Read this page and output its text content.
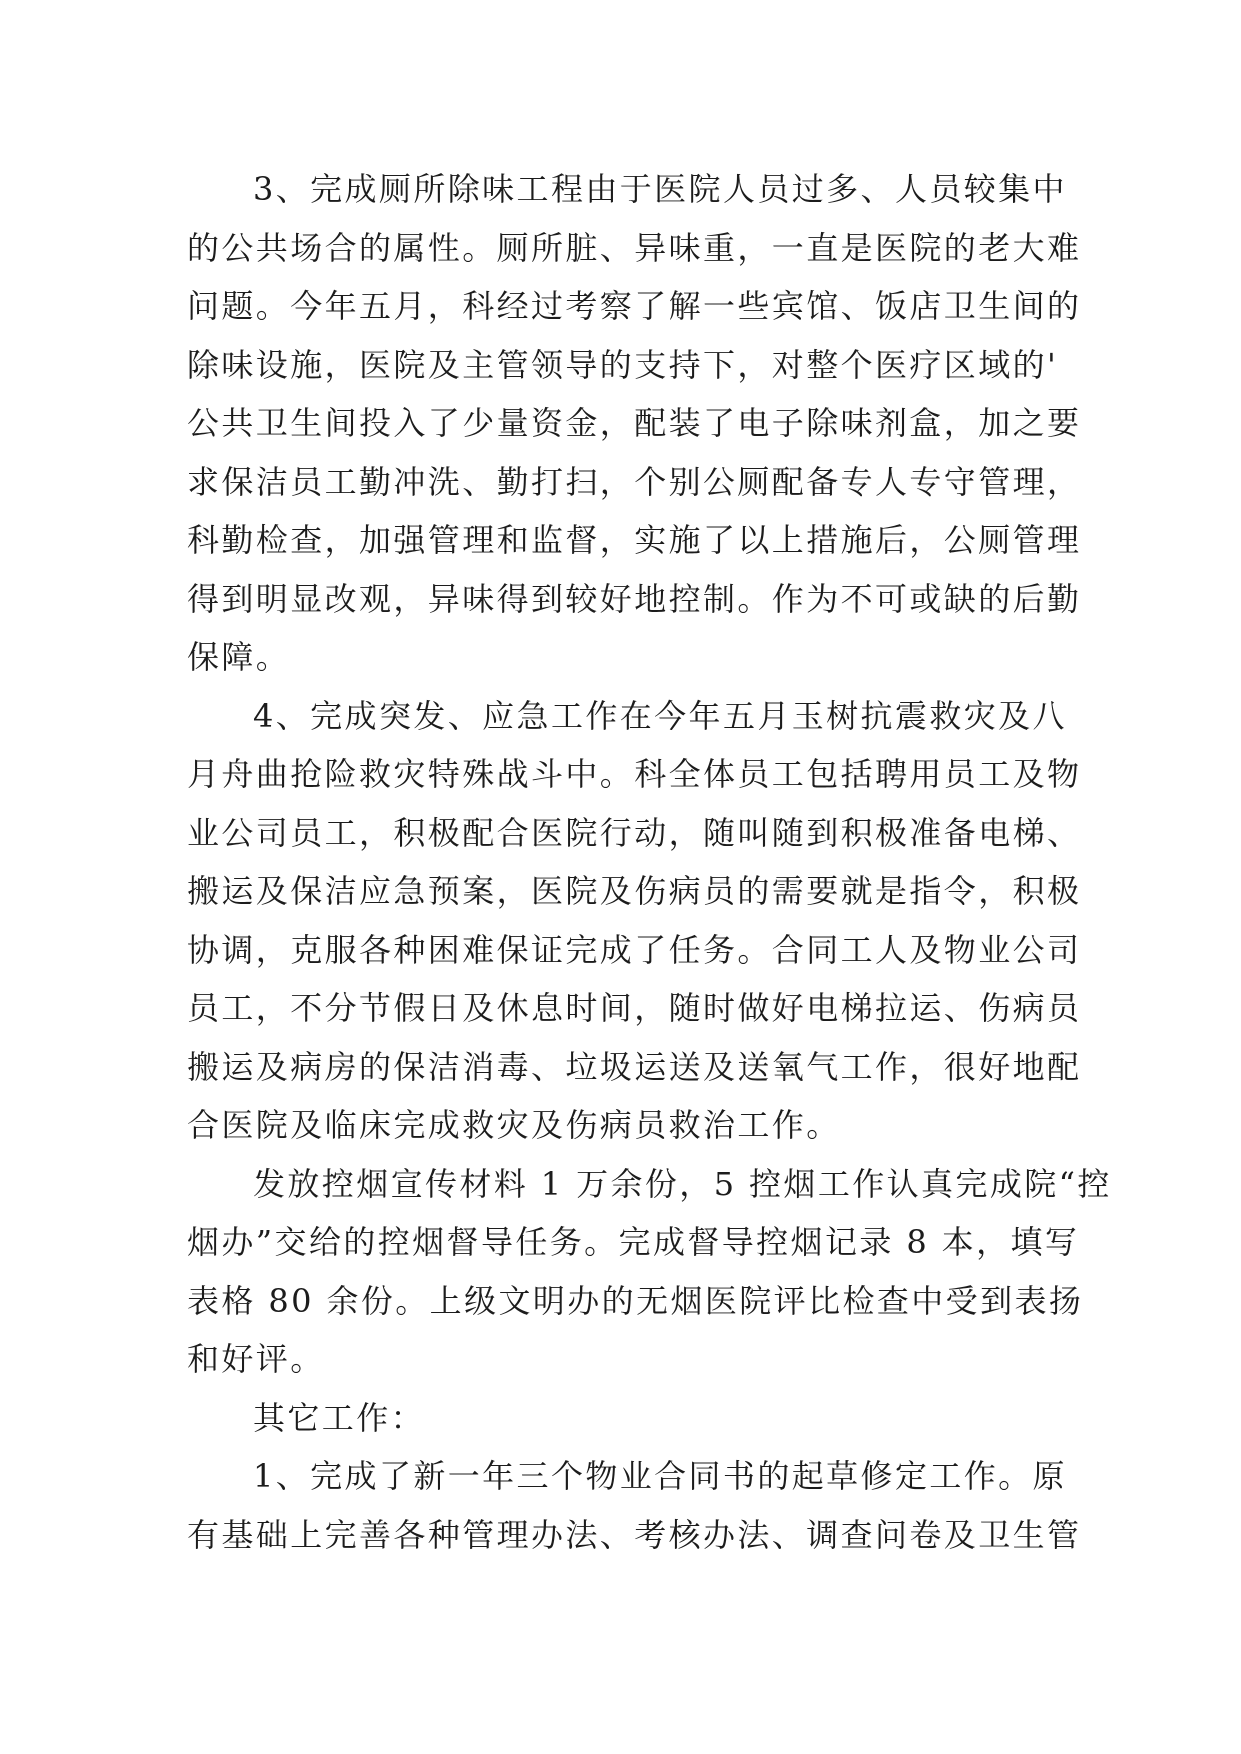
3、完成厕所除味工程由于医院人员过多、人员较集中
的公共场合的属性。厕所脏、异味重，一直是医院的老大难
问题。今年五月，科经过考察了解一些宾馆、饭店卫生间的
除味设施，医院及主管领导的支持下，对整个医疗区域的'
公共卫生间投入了少量资金，配装了电子除味剂盒，加之要
求保洁员工勤冲洗、勤打扫，个别公厕配备专人专守管理，
科勤检查，加强管理和监督，实施了以上措施后，公厕管理
得到明显改观，异味得到较好地控制。作为不可或缺的后勤
保障。
4、完成突发、应急工作在今年五月玉树抗震救灾及八
月舟曲抢险救灾特殊战斗中。科全体员工包括聘用员工及物
业公司员工，积极配合医院行动，随叫随到积极准备电梯、
搬运及保洁应急预案，医院及伤病员的需要就是指令，积极
协调，克服各种困难保证完成了任务。合同工人及物业公司
员工，不分节假日及休息时间，随时做好电梯拉运、伤病员
搬运及病房的保洁消毒、垃圾运送及送氧气工作，很好地配
合医院及临床完成救灾及伤病员救治工作。
发放控烟宣传材料 1 万余份，5 控烟工作认真完成院“控
烟办”交给的控烟督导任务。完成督导控烟记录 8 本，填写
表格 80 余份。上级文明办的无烟医院评比检查中受到表扬
和好评。
其它工作：
1、完成了新一年三个物业合同书的起草修定工作。原
有基础上完善各种管理办法、考核办法、调查问卷及卫生管
